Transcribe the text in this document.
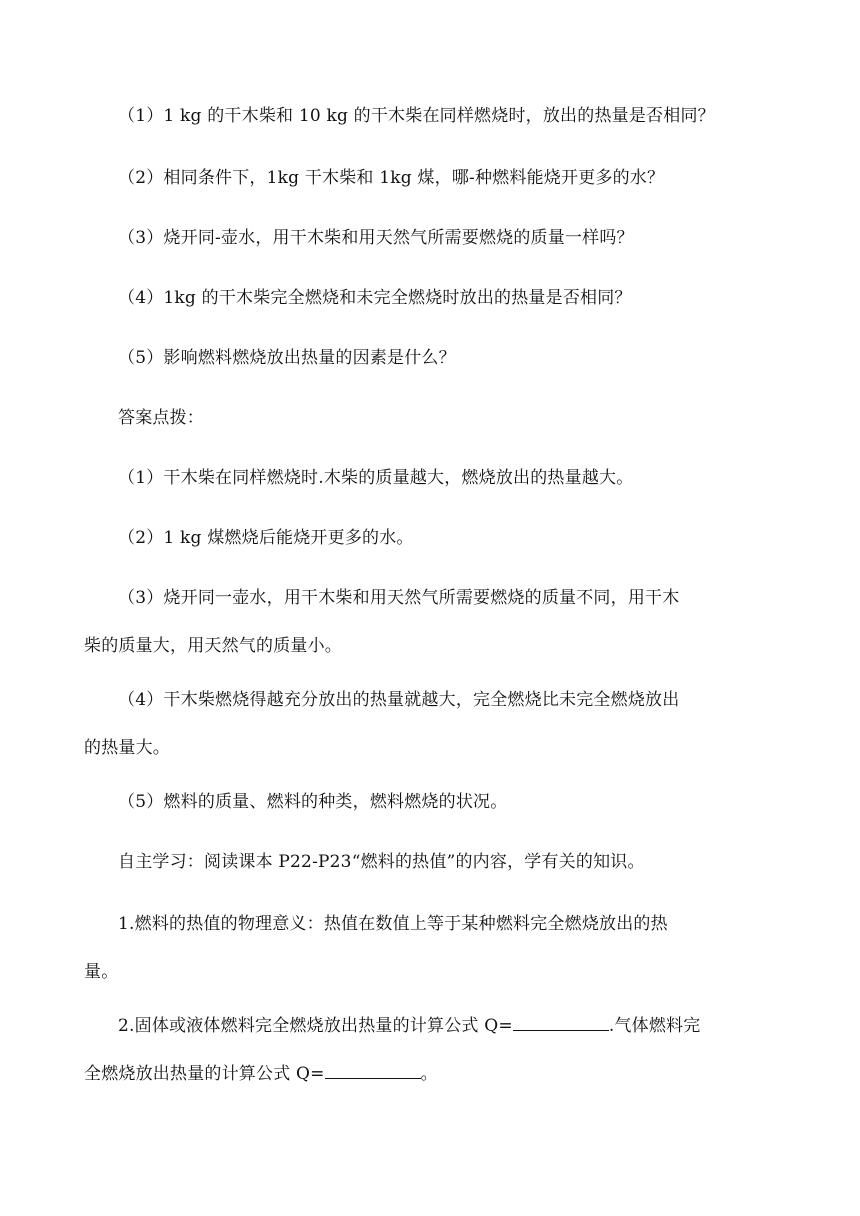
（1）1 kg 的干木柴和 10 kg 的干木柴在同样燃烧时，放出的热量是否相同？
（2）相同条件下，1kg 干木柴和 1kg 煤，哪-种燃料能烧开更多的水？
（3）烧开同-壶水，用干木柴和用天然气所需要燃烧的质量一样吗？
（4）1kg 的干木柴完全燃烧和未完全燃烧时放出的热量是否相同？
（5）影响燃料燃烧放出热量的因素是什么？
答案点拨：
（1）干木柴在同样燃烧时.木柴的质量越大，燃烧放出的热量越大。
（2）1 kg 煤燃烧后能烧开更多的水。
（3）烧开同一壶水，用干木柴和用天然气所需要燃烧的质量不同，用干木
柴的质量大，用天然气的质量小。
（4）干木柴燃烧得越充分放出的热量就越大，完全燃烧比未完全燃烧放出
的热量大。
（5）燃料的质量、燃料的种类，燃料燃烧的状况。
自主学习：阅读课本 P22-P23“燃料的热值”的内容，学有关的知识。
1.燃料的热值的物理意义：热值在数值上等于某种燃料完全燃烧放出的热
量。
2.固体或液体燃料完全燃烧放出热量的计算公式 Q=	.气体燃料完
全燃烧放出热量的计算公式 Q=	。
